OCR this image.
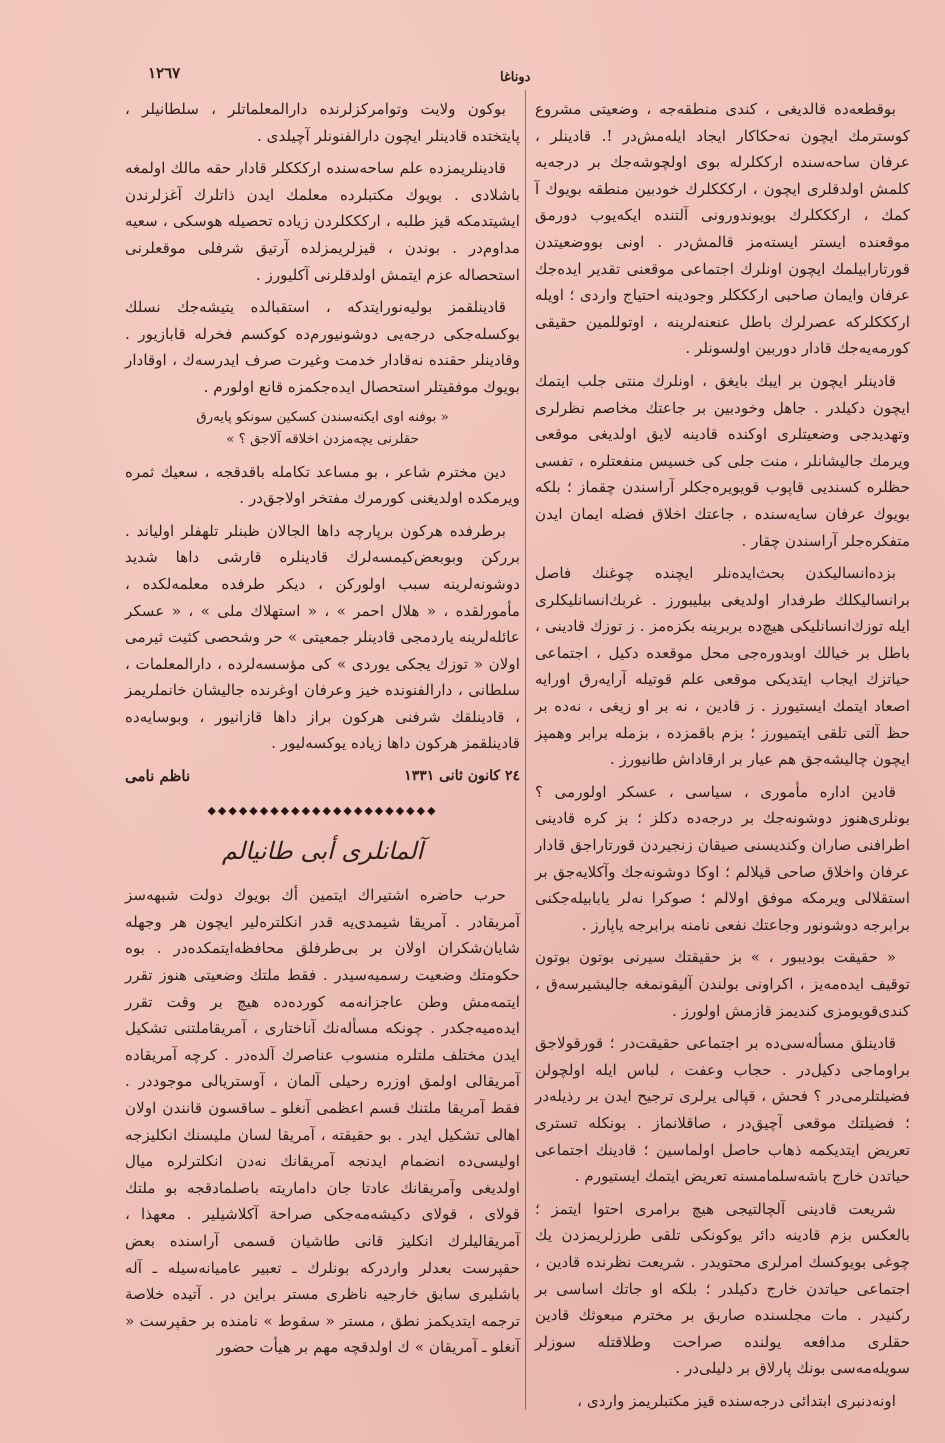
١٢٦٧	دوناغا

بوقطعه‌ده قالديغى ، كندى منطقه‌جه ، وضعيتى مشروع كوسترمك ايچون نه‌حكاكار ايجاد ايله‌مش‌در !. قادينلر ، عرفان ساحه‌سنده ارككلرله بوى اولچوشه‌جك بر درجه‌يه كلمش اولدقلرى ايچون ، اركككلرك خودبين منطقه بويوك ‌آ كمك ، اركككلرك بويوندورونى آلتنده ايكه‌يوب دورمق موقعنده ايستر ايسته‌مز قالمش‌در . اونى بووضعيتدن قورتارابيلمك ايچون اونلرك اجتماعى موقعنى تقدير ايده‌جك عرفان وايمان صاحبى اركككلر وجودينه احتياج واردى ؛ اويله اركككلركه عصرلرك باطل عنعنه‌لرينه ، اوتوللمين حقيقى كورمه‌يه‌جك قادار دوربين اولسونلر .

قادينلر ايچون بر ايبك بايغق ، اونلرك منتى جلب ايتمك ايچون دكيلدر . جاهل وخودبين بر جاعتك مخاصم نظرلرى وتهديدجى وضعيتلرى اوكنده قادينه لايق اولديغى موقعى ويرمك جاليشانلر ، منت جلى كى خسيس منفعتلره ، تفسى حظلره كسنديى قاپوب قويويره‌جكلر آراسندن چقماز ؛ بلكه بويوك عرفان سايه‌سنده ، جاعتك اخلاق فضله ايمان ايدن متفكره‌جلر آراسندن چقار .

بزده‌انساليكدن بحث‌ايده‌نلر ايچنده چوغنك فاصل برانساليكلك طرفدار اولديغى بيليبورز . غربك‌انسانليكلرى ايله توزك‌انسانليكى هيچ‌ده بربرينه بكزه‌مز . ز توزك قادينى ، باطل بر خيالك اوبدوره‌جى محل موقعده دكيل ، اجتماعى حياتزك ايجاب ايتديكى موقعى علم قوتيله آرايه‌رق اورايه اصعاد ايتمك ايستيورز . ز قادين ، نه بر او زيغى ، نه‌ده بر حظ آلتى تلقى ايتميورز ؛ بزم باقمزده ، بزمله برابر وهمپز ايچون چاليشه‌جق هم عيار بر ارقاداش طانيورز .

قادين اداره مأمورى ، سياسى ، عسكر اولورمى ؟ بونلرى‌هنوز دوشونه‌جك بر درجه‌ده دكلز ؛ بز كره قادينى اطرافنى صاران وكنديسنى صيقان زنجيردن قورتاراجق قادار عرفان واخلاق صاحى قيلالم ؛ اوكا دوشونه‌جك وآكلايه‌جق بر استقلالى ويرمكه موفق اولالم ؛ صوكرا نه‌لر يابابيله‌جكنى برابرجه دوشونور وجاعتك نفعى نامنه برابرجه ياپارز .

« حقيقت بوديبور ، » بز حقيقتك سيرنى بوتون بوتون توقيف ايده‌مه‌يز ، اكراونى بولندن آليقونمغه جاليشيرسه‌ق ، كندى‌قويومزى كنديمز قازمش اولورز .

قادينلق مسأله‌سى‌ده بر اجتماعى حقيقت‌در ؛ قورقولاجق براوماجى دكيل‌در . حجاب وعفت ، لباس ايله اولچولن فضيلتلرمى‌در ؟ فحش ، قپالى يرلرى ترجيح ايدن بر رذيله‌در ؛ فضيلتك موقعى آچيق‌در ، صاقلانماز . بونكله تسترى تعريض ايتديكمه ذهاب حاصل اولماسين ؛ قادينك اجتماعى حياتدن خارج باشه‌سلمامسنه تعريض ايتمك ايستيورم .

شريعت قادينى آلچالتيجى هيچ برامرى احتوا ايتمز ؛ بالعكس بزم قادينه دائر يوكونكى تلقى طرزلريمزدن يك چوغى بويوكسك امرلرى محتويدر . شريعت نظرنده قادين ، اجتماعى حياتدن خارج دكيلدر ؛ بلكه او جاتك اساسى بر ركنيدر . مات مجلسنده صاربق بر مخترم مبعوثك قادين حقلرى مدافعه يولنده صراحت وطلاقتله سوزلر سويله‌مه‌سى بونك پارلاق بر دليلى‌در .

اونه‌دنبرى ابتدائى درجه‌سنده قيز مكتبلريمز واردى ،

بوكون ولايت وتوامركزلرنده دارالمعلماتلر ، سلطانيلر ، پايتختده قادينلر ايچون دارالفنونلر آچيلدى .

قادينلريمزده علم ساحه‌سنده اركككلر قادار حقه مالك اولمغه باشلادى . بويوك مكتبلرده معلمك ايدن ذاتلرك آغزلرندن ايشيتدمكه قيز طلبه ، اركككلردن زياده تحصيله هوسكى ، سعيه مداوم‌در . بوندن ، قيزلريمزلده آرتيق شرفلى موقعلرنى استحصاله عزم ايتمش اولدقلرنى آكليورز .

قادينلقمز بوليه‌نورايتدكه ، استقبالده يتيشه‌جك نسلك بوكسله‌جكى درجه‌يى دوشونيورم‌ده كوكسم فخرله قابازيور . وقادينلر حقنده نه‌قادار خدمت وغيرت صرف ايدرسه‌ك ، اوقادار بويوك موفقيتلر استحصال ايده‌جكمزه قانع اولورم .

« بوفنه اوى ايكنه‌سندن كسكين سونكو پايه‌رق
حقلرنى يچه‌مزدن اخلاقه آلاجق ؟ »

دين مخترم شاعر ، بو مساعد تكامله باقدقجه ، سعيك ثمره ويرمكده اولديغنى كورمرك مفتخر اولاجق‌در .

برطرفده هركون برپارچه داها الجالان ظبنلر تلهفلر اولياند . برركن وبوبعض‌كيمسه‌لرك قادينلره قارشى داها شديد دوشونه‌لرينه سبب اولوركن ، ديكر طرفده معلمه‌لكده ، مأمورلقده ، « هلال احمر » ، « استهلاك ملى » ، « عسكر عائله‌لرينه ياردمجى قادينلر جمعيتى » حر وشحصى كثيت ثيرمى اولان « توزك يجكى يوردى » كى مؤسسه‌لرده ، دارالمعلمات ، سلطانى ، دارالفنونده خيز وعرفان اوغرنده جاليشان خانملريمز ، قادينلقك شرفنى هركون براز داها قازانيور ، وبوسايه‌ده قادينلقمز هركون داها زياده يوكسه‌ليور .

٢٤ كانون ثانى ١٣٣١
ناظم نامى
◆◆◆◆◆◆◆◆◆◆◆◆◆◆◆◆◆◆◆◆◆◆
آلمانلرى ‌أبى طانيالم

حرب حاضره اشتيراك ايتمين أك بويوك دولت شبهه‌سز آمريقادر . آمريقا شيمدى‌يه قدر انكلتره‌لير ايچون هر وجهله شايان‌شكران اولان بر بى‌طرفلق محافظه‌ايتمكده‌در . بوه حكومتك وضعيت رسميه‌سيدر . فقط ملتك وضعيتى هنوز تقرر ايتمه‌مش وطن عاجزانه‌مه كورده‌ده هيچ بر وقت تقرر ايده‌ميه‌جكدر . چونكه مسأله‌نك آناختارى ، آمريقاملتنى تشكيل ايدن مختلف ملتلره منسوب عناصرك آلده‌در . كرچه آمريقاده آمريقالى اولمق اوزره رحيلى آلمان ، آوستريالى موجوددر . فقط آمريقا ملتنك قسم اعظمى آنغلو ـ ساقسون قانندن اولان اهالى تشكيل ايدر . بو حقيقته ، آمريقا لسان مليسنك انكليزجه اوليسى‌ده انضمام ايدنجه آمريقانك نه‌دن انكلترلره ميال اولديغى وآمريقانك عادتا جان داماريته باصلمادقجه بو ملتك قولاى ، قولاى دكيشه‌مه‌جكى صراحة آكلاشيلير . معهذا ، آمريقاليلرك انكليز قانى طاشيان قسمى آراسنده بعض حقپرست ‌بعدلر واردركه بونلرك ـ تعبير عاميانه‌سيله ـ آله باشليرى سابق خارجيه ناظرى مستر براين ‌در . آتيده خلاصة ترجمه ايتديكمز نطق ، مستر « سقوط » نامنده بر حقپرست « آنغلو ـ آمريقان » ك اولدقچه مهم بر هيأت حضور
